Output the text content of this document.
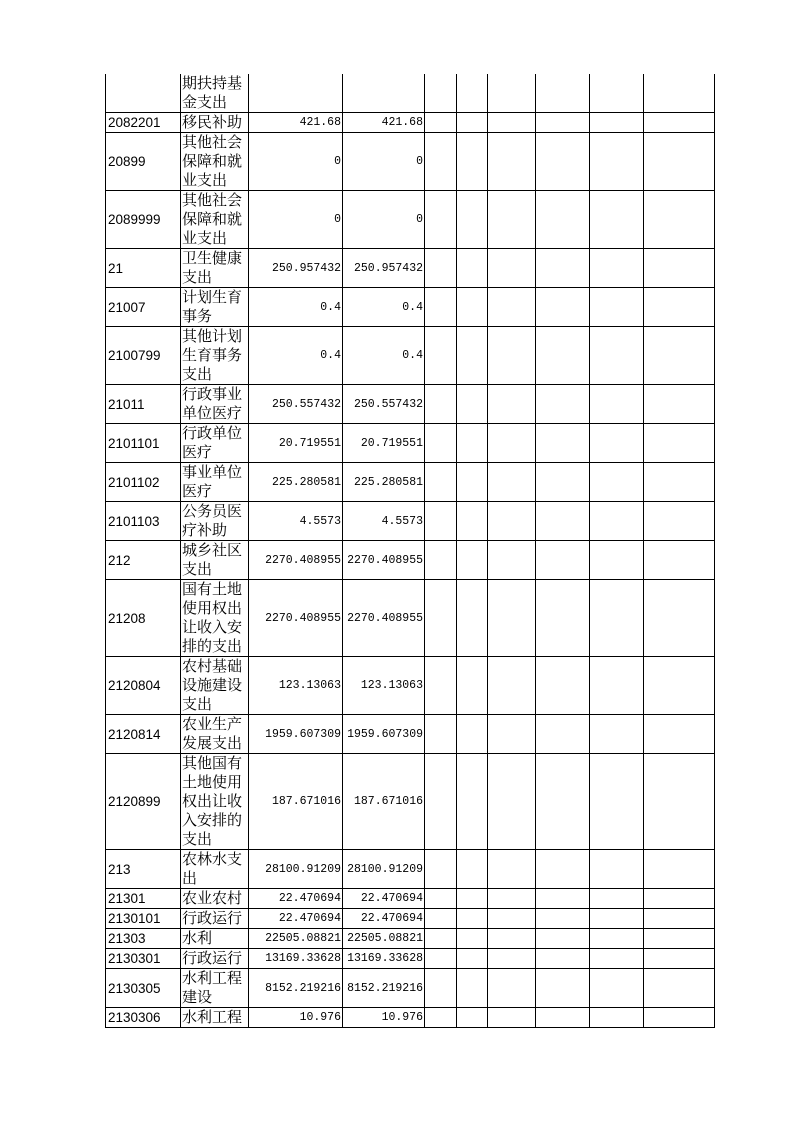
	期扶持基金支出								
2082201	移民补助	421.68	421.68						
20899	其他社会保障和就业支出	0	0						
2089999	其他社会保障和就业支出	0	0						
21	卫生健康支出	250.957432	250.957432						
21007	计划生育事务	0.4	0.4						
2100799	其他计划生育事务支出	0.4	0.4						
21011	行政事业单位医疗	250.557432	250.557432						
2101101	行政单位医疗	20.719551	20.719551						
2101102	事业单位医疗	225.280581	225.280581						
2101103	公务员医疗补助	4.5573	4.5573						
212	城乡社区支出	2270.408955	2270.408955						
21208	国有土地使用权出让收入安排的支出	2270.408955	2270.408955						
2120804	农村基础设施建设支出	123.13063	123.13063						
2120814	农业生产发展支出	1959.607309	1959.607309						
2120899	其他国有土地使用权出让收入安排的支出	187.671016	187.671016						
213	农林水支出	28100.91209	28100.91209						
21301	农业农村	22.470694	22.470694						
2130101	行政运行	22.470694	22.470694						
21303	水利	22505.08821	22505.08821						
2130301	行政运行	13169.33628	13169.33628						
2130305	水利工程建设	8152.219216	8152.219216						
2130306	水利工程	10.976	10.976						
